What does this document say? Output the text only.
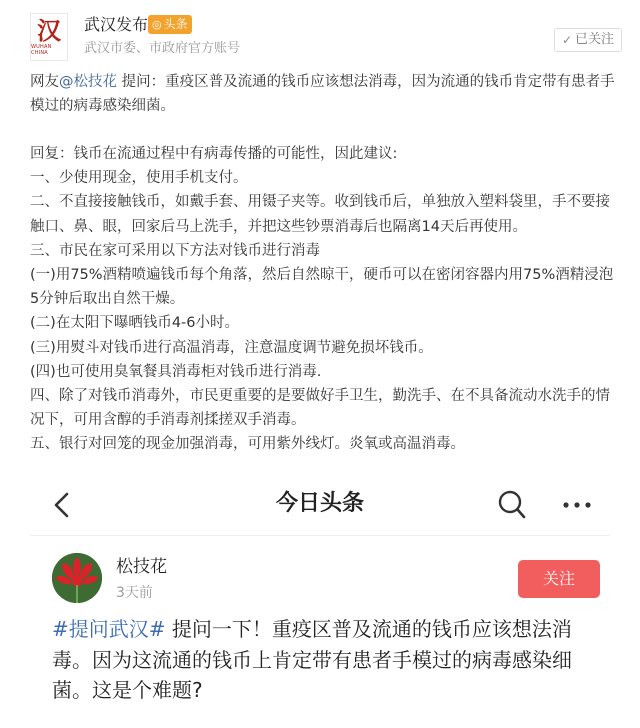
汉
WUHAN CHINA
武汉发布 ◎ 头条
武汉市委、市政府官方账号
✓ 已关注

网友@松技花 提问：重疫区普及流通的钱币应该想法消毒，因为流通的钱币肯定带有患者手模过的病毒感染细菌。

回复：钱币在流通过程中有病毒传播的可能性，因此建议:

一、少使用现金，使用手机支付。

二、不直接接触钱币，如戴手套、用镊子夹等。收到钱币后，单独放入塑料袋里，手不要接触口、鼻、眼，回家后马上洗手，并把这些钞票消毒后也隔离14天后再使用。

三、市民在家可采用以下方法对钱币进行消毒

(一)用75%酒精喷遍钱币每个角落，然后自然晾干，硬币可以在密闭容器内用75%酒精浸泡5分钟后取出自然干燥。

(二)在太阳下曝晒钱币4-6小时。

(三)用熨斗对钱币进行高温消毒，注意温度调节避免损坏钱币。

(四)也可使用臭氧餐具消毒柜对钱币进行消毒.

四、除了对钱币消毒外，市民更重要的是要做好手卫生，勤洗手、在不具备流动水洗手的情况下，可用含醇的手消毒剂揉搓双手消毒。

五、银行对回笼的现金加强消毒，可用紫外线灯。炎氧或高温消毒。

今日头条
松技花
3天前
关注

#提问武汉# 提问一下！重疫区普及流通的钱币应该想法消毒。因为这流通的钱币上肯定带有患者手模过的病毒感染细菌。这是个难题?
